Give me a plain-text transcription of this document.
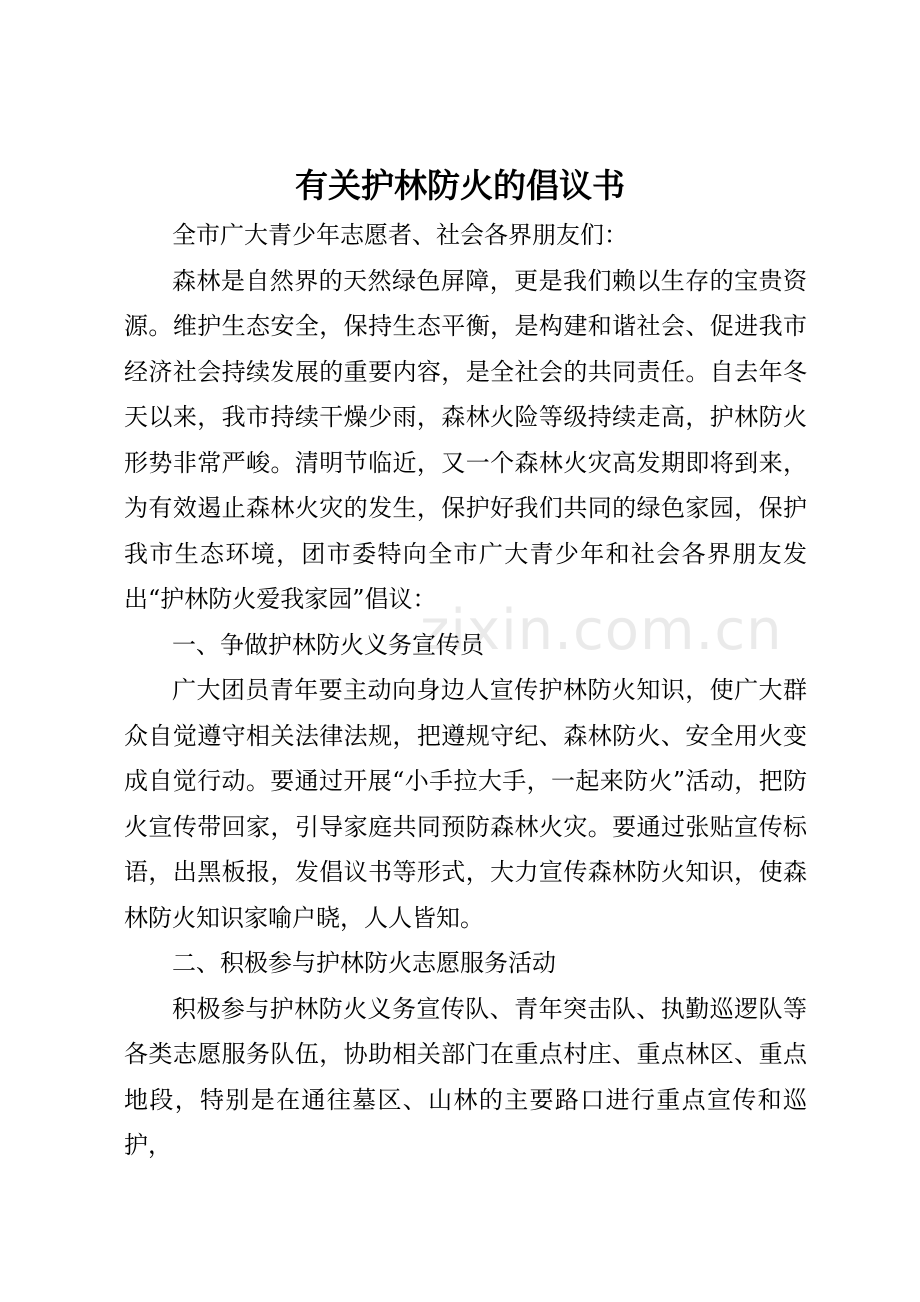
有关护林防火的倡议书

全市广大青少年志愿者、社会各界朋友们：

森林是自然界的天然绿色屏障，更是我们赖以生存的宝贵资源。维护生态安全，保持生态平衡，是构建和谐社会、促进我市经济社会持续发展的重要内容，是全社会的共同责任。自去年冬天以来，我市持续干燥少雨，森林火险等级持续走高，护林防火形势非常严峻。清明节临近，又一个森林火灾高发期即将到来，为有效遏止森林火灾的发生，保护好我们共同的绿色家园，保护我市生态环境，团市委特向全市广大青少年和社会各界朋友发出“护林防火爱我家园”倡议：

一、争做护林防火义务宣传员

广大团员青年要主动向身边人宣传护林防火知识，使广大群众自觉遵守相关法律法规，把遵规守纪、森林防火、安全用火变成自觉行动。要通过开展“小手拉大手，一起来防火”活动，把防火宣传带回家，引导家庭共同预防森林火灾。要通过张贴宣传标语，出黑板报，发倡议书等形式，大力宣传森林防火知识，使森林防火知识家喻户晓，人人皆知。

二、积极参与护林防火志愿服务活动

积极参与护林防火义务宣传队、青年突击队、执勤巡逻队等各类志愿服务队伍，协助相关部门在重点村庄、重点林区、重点地段，特别是在通往墓区、山林的主要路口进行重点宣传和巡护，

zixin.com.cn
